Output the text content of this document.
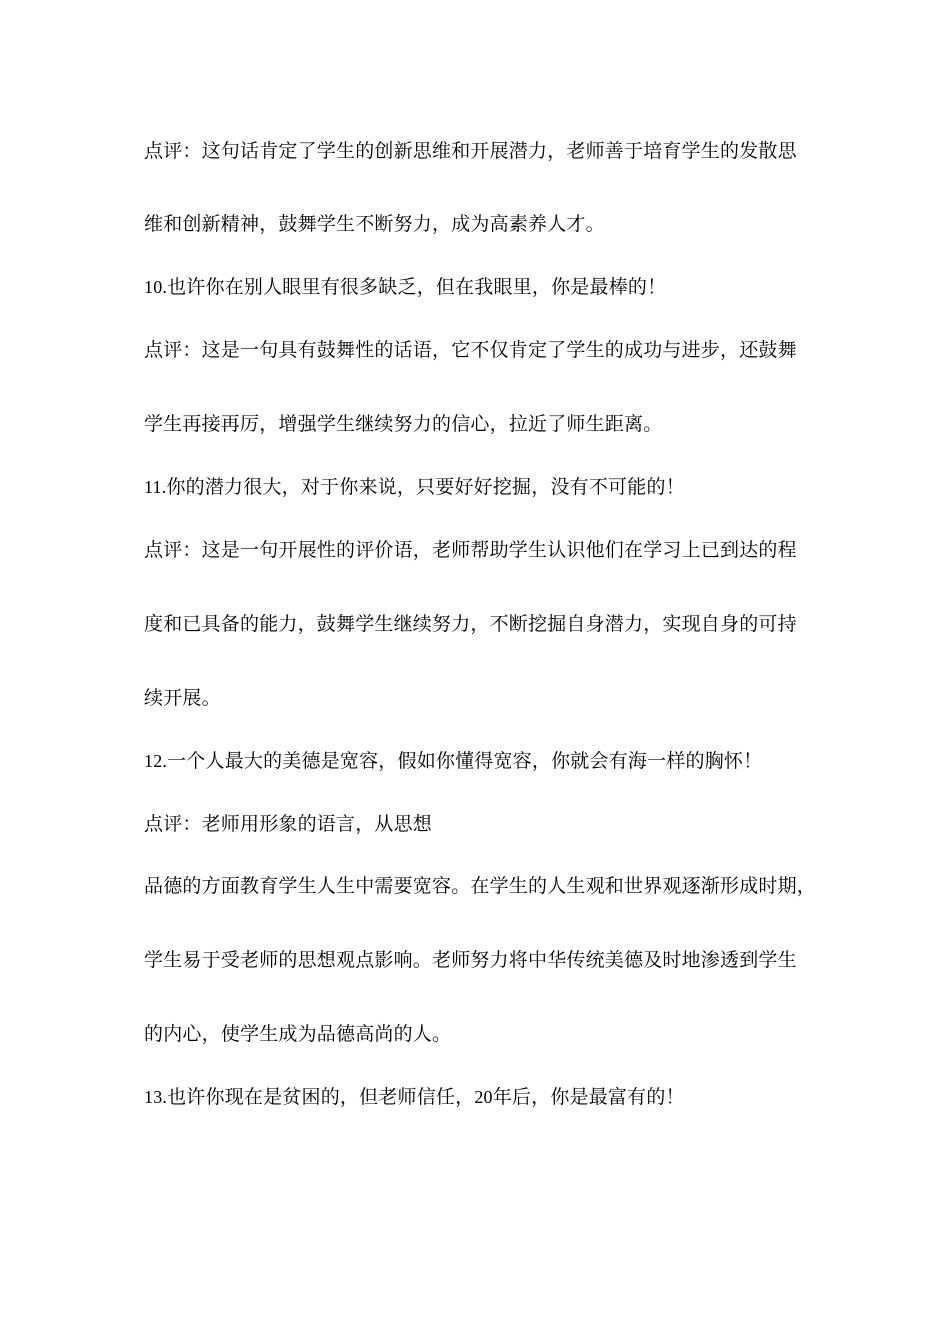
点评：这句话肯定了学生的创新思维和开展潜力，老师善于培育学生的发散思
维和创新精神，鼓舞学生不断努力，成为高素养人才。
10.也许你在别人眼里有很多缺乏，但在我眼里，你是最棒的！
点评：这是一句具有鼓舞性的话语，它不仅肯定了学生的成功与进步，还鼓舞
学生再接再厉，增强学生继续努力的信心，拉近了师生距离。
11.你的潜力很大，对于你来说，只要好好挖掘，没有不可能的！
点评：这是一句开展性的评价语，老师帮助学生认识他们在学习上已到达的程
度和已具备的能力，鼓舞学生继续努力，不断挖掘自身潜力，实现自身的可持
续开展。
12.一个人最大的美德是宽容，假如你懂得宽容，你就会有海一样的胸怀！
点评：老师用形象的语言，从思想
品德的方面教育学生人生中需要宽容。在学生的人生观和世界观逐渐形成时期，
学生易于受老师的思想观点影响。老师努力将中华传统美德及时地渗透到学生
的内心，使学生成为品德高尚的人。
13.也许你现在是贫困的，但老师信任，20年后，你是最富有的！
